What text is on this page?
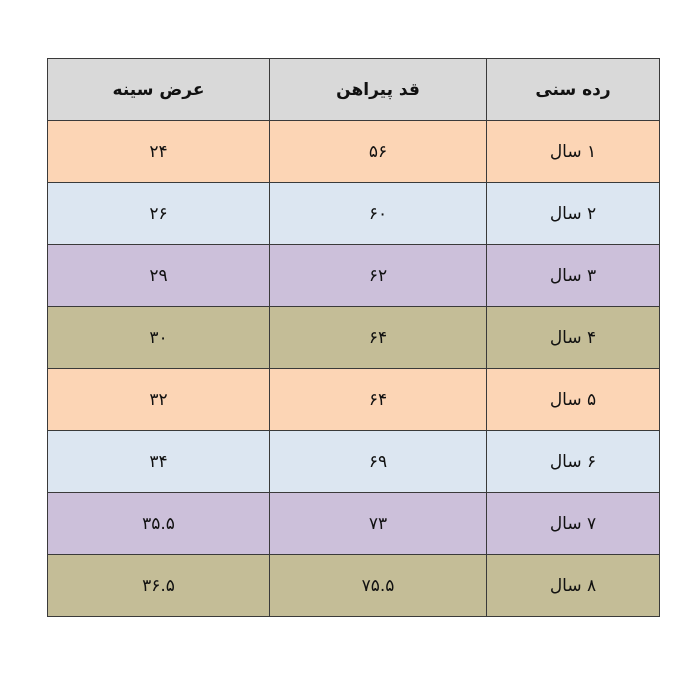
رده سنی	قد پیراهن	عرض سینه
۱ سال	۵۶	۲۴
۲ سال	۶۰	۲۶
۳ سال	۶۲	۲۹
۴ سال	۶۴	۳۰
۵ سال	۶۴	۳۲
۶ سال	۶۹	۳۴
۷ سال	۷۳	۳۵.۵
۸ سال	۷۵.۵	۳۶.۵
